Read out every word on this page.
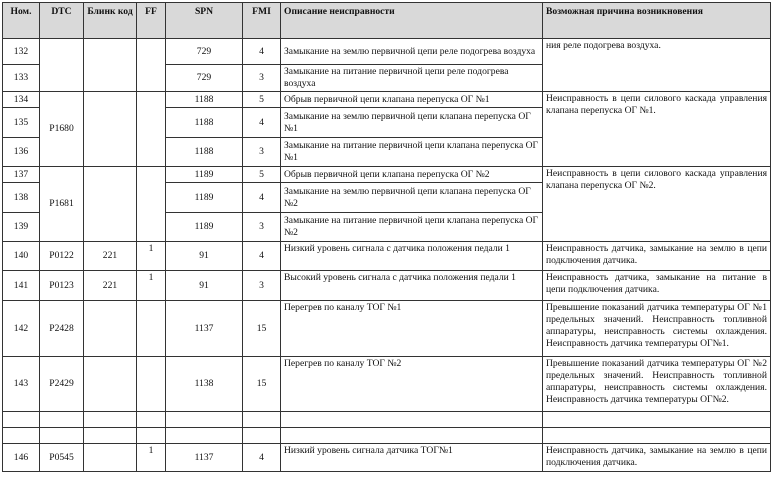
Ном.	DTC	Блинк код	FF	SPN	FMI	Описание неисправности	Возможная причина возникновения
132				729	4	Замыкание на землю первичной цепи реле подогрева воздуха	ния реле подогрева воздуха.
133				729	3	Замыкание на питание первичной цепи реле подогрева воздуха	
134	P1680			1188	5	Обрыв первичной цепи клапана перепуска ОГ №1	Неисправность в цепи силового каскада управления клапана перепуска ОГ №1.
135				1188	4	Замыкание на землю первичной цепи клапана перепуска ОГ №1	
136				1188	3	Замыкание на питание первичной цепи клапана перепуска ОГ №1	
137	P1681			1189	5	Обрыв первичной цепи клапана перепуска ОГ №2	Неисправность в цепи силового каскада управления клапана перепуска ОГ №2.
138				1189	4	Замыкание на землю первичной цепи клапана перепуска ОГ №2	
139				1189	3	Замыкание на питание первичной цепи клапана перепуска ОГ №2	
140	P0122	221	1	91	4	Низкий уровень сигнала с датчика положения педали 1	Неисправность датчика, замыкание на землю в цепи подключения датчика.
141	P0123	221	1	91	3	Высокий уровень сигнала с датчика положения педали 1	Неисправность датчика, замыкание на питание в цепи подключения датчика.
142	P2428			1137	15	Перегрев по каналу ТОГ №1	Превышение показаний датчика температуры ОГ №1 предельных значений. Неисправность топливной аппаратуры, неисправность системы охлаждения. Неисправность датчика температуры ОГ№1.
143	P2429			1138	15	Перегрев по каналу ТОГ №2	Превышение показаний датчика температуры ОГ №2 предельных значений. Неисправность топливной аппаратуры, неисправность системы охлаждения. Неисправность датчика температуры ОГ№2.

146	P0545		1	1137	4	Низкий уровень сигнала датчика ТОГ№1	Неисправность датчика, замыкание на землю в цепи подключения датчика.
